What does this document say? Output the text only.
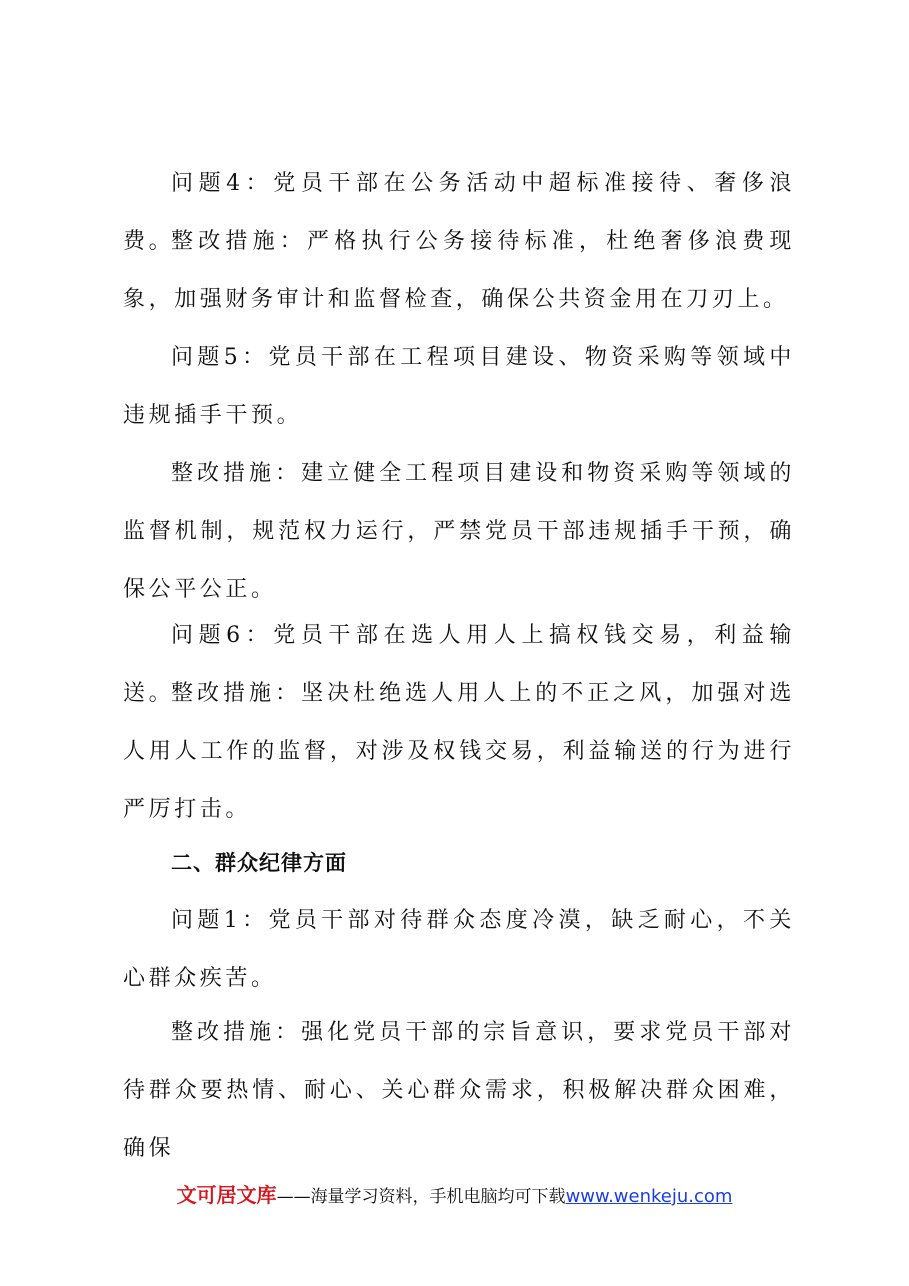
问题4：党员干部在公务活动中超标准接待、奢侈浪费。

整改措施：严格执行公务接待标准，杜绝奢侈浪费现象，加强财务审计和监督检查，确保公共资金用在刀刃上。

问题5：党员干部在工程项目建设、物资采购等领域中违规插手干预。

整改措施：建立健全工程项目建设和物资采购等领域的监督机制，规范权力运行，严禁党员干部违规插手干预，确保公平公正。

问题6：党员干部在选人用人上搞权钱交易，利益输送。

整改措施：坚决杜绝选人用人上的不正之风，加强对选人用人工作的监督，对涉及权钱交易，利益输送的行为进行严厉打击。

二、群众纪律方面

问题1：党员干部对待群众态度冷漠，缺乏耐心，不关心群众疾苦。

整改措施：强化党员干部的宗旨意识，要求党员干部对待群众要热情、耐心、关心群众需求，积极解决群众困难，确保

文可居文库——海量学习资料，手机电脑均可下载www.wenkeju.com
